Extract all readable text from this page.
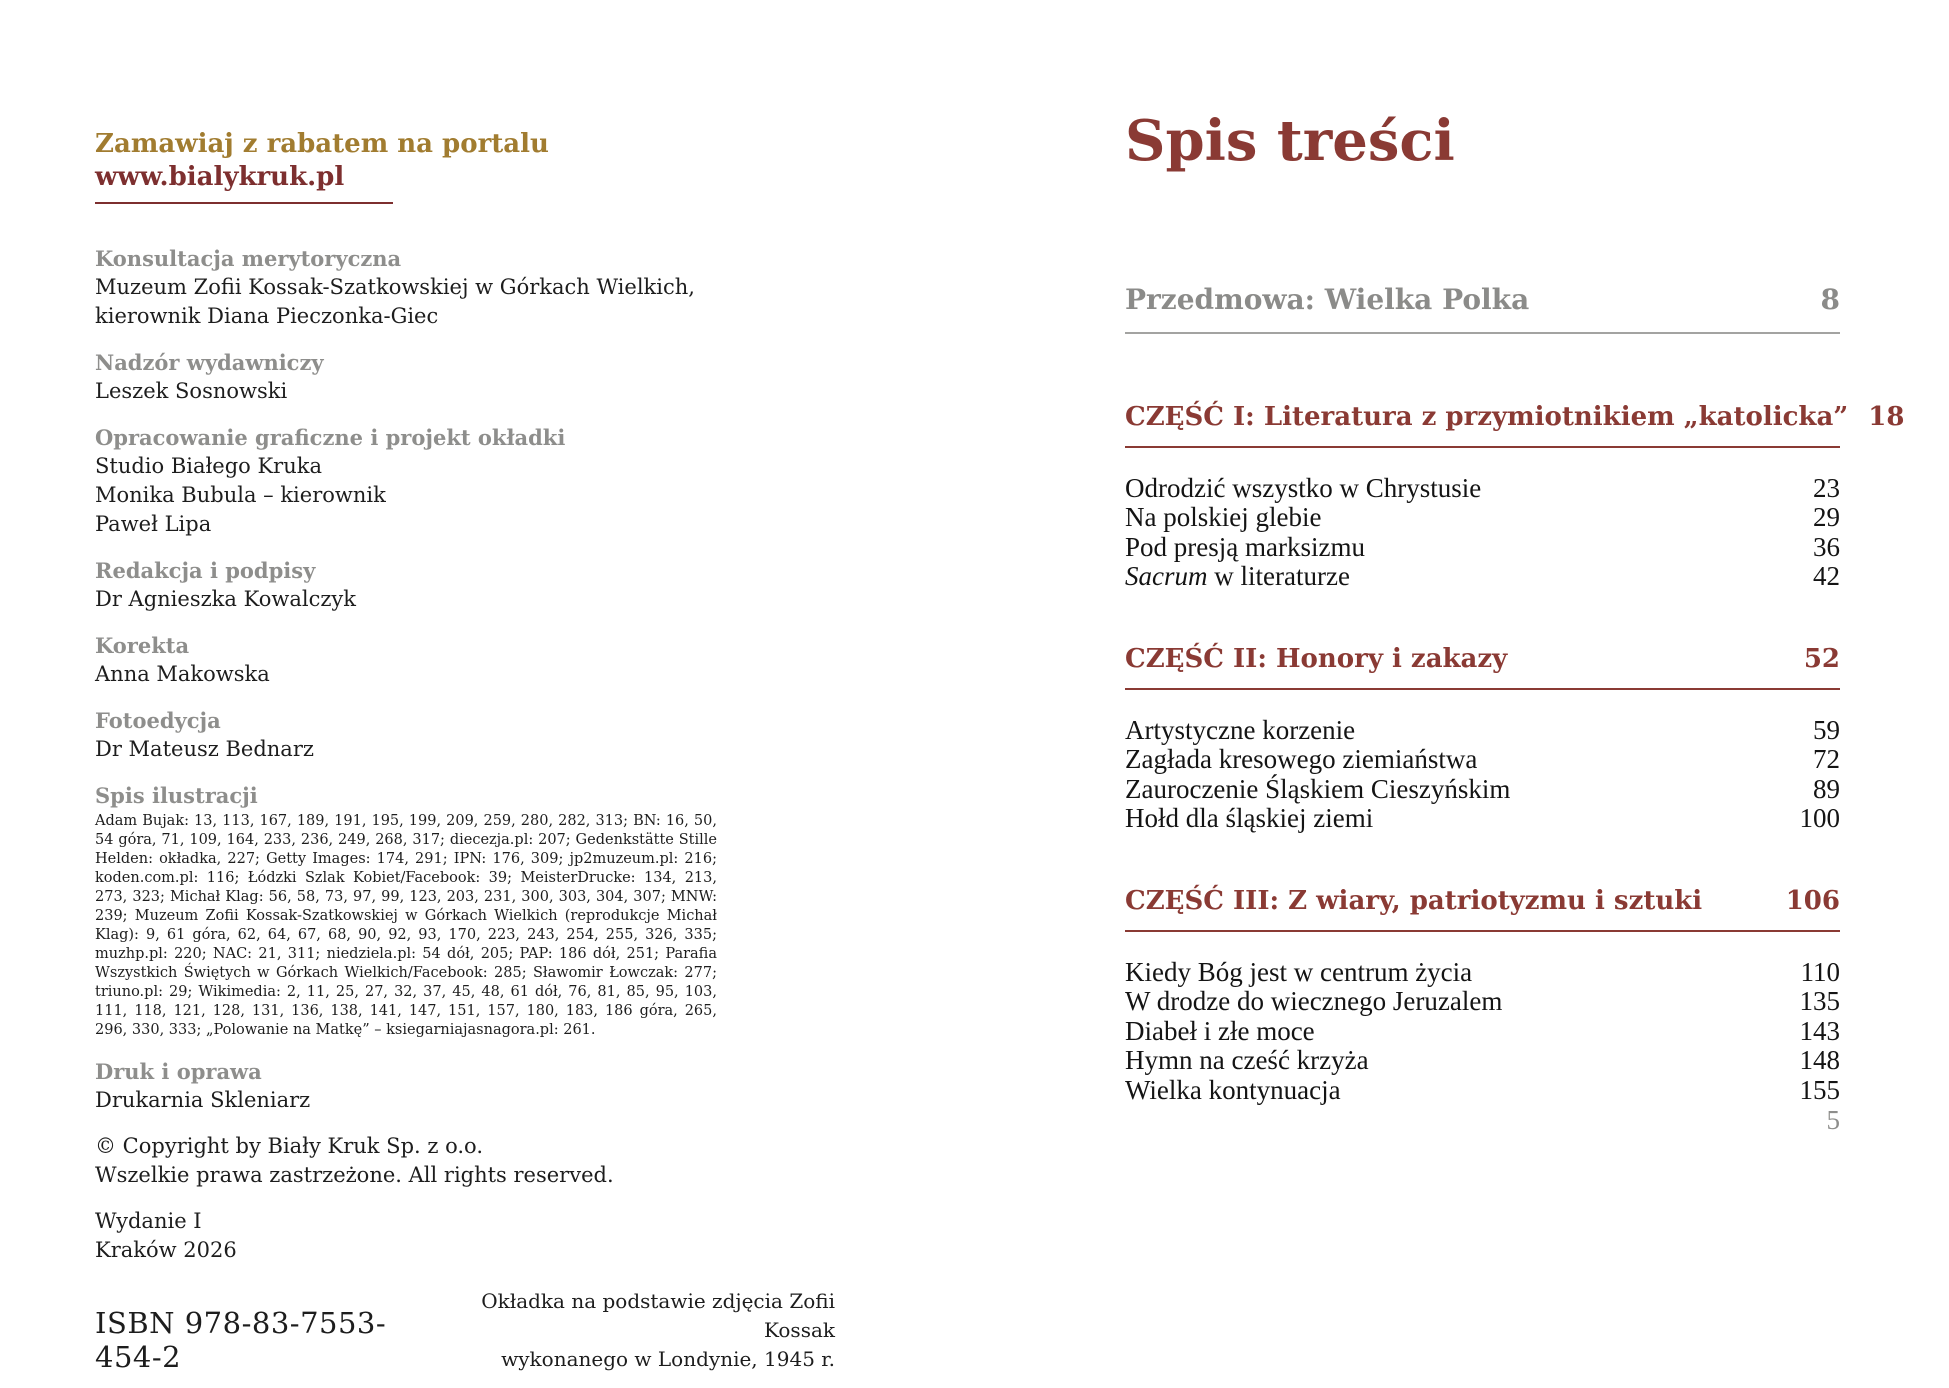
Zamawiaj z rabatem na portalu
www.bialykruk.pl
Konsultacja merytoryczna
Muzeum Zofii Kossak-Szatkowskiej w Górkach Wielkich,
kierownik Diana Pieczonka-Giec
Nadzór wydawniczy
Leszek Sosnowski
Opracowanie graficzne i projekt okładki
Studio Białego Kruka
Monika Bubula – kierownik
Paweł Lipa
Redakcja i podpisy
Dr Agnieszka Kowalczyk
Korekta
Anna Makowska
Fotoedycja
Dr Mateusz Bednarz
Spis ilustracji

Adam Bujak: 13, 113, 167, 189, 191, 195, 199, 209, 259, 280, 282, 313; BN: 16, 50, 54 góra, 71, 109, 164, 233, 236, 249, 268, 317; diecezja.pl: 207; Gedenkstätte Stille Helden: okładka, 227; Getty Images: 174, 291; IPN: 176, 309; jp2muzeum.pl: 216; koden.com.pl: 116; Łódzki Szlak Kobiet/Facebook: 39; MeisterDrucke: 134, 213, 273, 323; Michał Klag: 56, 58, 73, 97, 99, 123, 203, 231, 300, 303, 304, 307; MNW: 239; Muzeum Zofii Kossak-Szatkowskiej w Górkach Wielkich (reprodukcje Michał Klag): 9, 61 góra, 62, 64, 67, 68, 90, 92, 93, 170, 223, 243, 254, 255, 326, 335; muzhp.pl: 220; NAC: 21, 311; niedziela.pl: 54 dół, 205; PAP: 186 dół, 251; Parafia Wszystkich Świętych w Górkach Wielkich/Facebook: 285; Sławomir Łowczak: 277; triuno.pl: 29; Wikimedia: 2, 11, 25, 27, 32, 37, 45, 48, 61 dół, 76, 81, 85, 95, 103, 111, 118, 121, 128, 131, 136, 138, 141, 147, 151, 157, 180, 183, 186 góra, 265, 296, 330, 333; „Polowanie na Matkę” – ksiegarniajasnagora.pl: 261.

Druk i oprawa
Drukarnia Skleniarz
© Copyright by Biały Kruk Sp. z o.o.
Wszelkie prawa zastrzeżone. All rights reserved.
Wydanie I
Kraków 2026
ISBN 978-83-7553-454-2
Okładka na podstawie zdjęcia Zofii Kossak
wykonanego w Londynie, 1945 r.
Spis treści
Przedmowa: Wielka Polka	8
CZĘŚĆ I: Literatura z przymiotnikiem „katolicka” 18
Odrodzić wszystko w Chrystusie	23
Na polskiej glebie	29
Pod presją marksizmu	36
Sacrum w literaturze	42
CZĘŚĆ II: Honory i zakazy	52
Artystyczne korzenie	59
Zagłada kresowego ziemiaństwa	72
Zauroczenie Śląskiem Cieszyńskim	89
Hołd dla śląskiej ziemi	100
CZĘŚĆ III: Z wiary, patriotyzmu i sztuki	106
Kiedy Bóg jest w centrum życia	110
W drodze do wiecznego Jeruzalem	135
Diabeł i złe moce	143
Hymn na cześć krzyża	148
Wielka kontynuacja	155
5
